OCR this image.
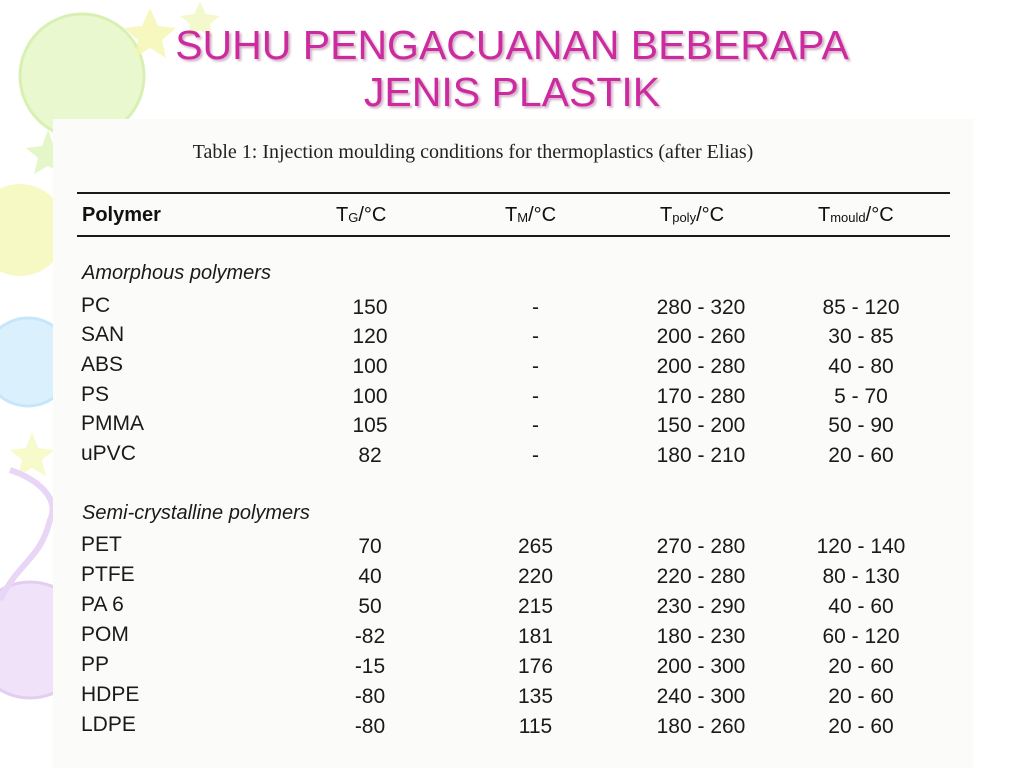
SUHU PENGACUANAN BEBERAPA
JENIS PLASTIK
Table 1: Injection moulding conditions for thermoplastics (after Elias)
Polymer	$T_G/^\circ C$	$T_M/^\circ C$	$T_{poly}/^\circ C$	$T_{mould}/^\circ C$
Amorphous polymers
PC	150	-	280 - 320	85 - 120
SAN	120	-	200 - 260	30 - 85
ABS	100	-	200 - 280	40 - 80
PS	100	-	170 - 280	5 - 70
PMMA	105	-	150 - 200	50 - 90
uPVC	82	-	180 - 210	20 - 60
Semi-crystalline polymers
PET	70	265	270 - 280	120 - 140
PTFE	40	220	220 - 280	80 - 130
PA 6	50	215	230 - 290	40 - 60
POM	-82	181	180 - 230	60 - 120
PP	-15	176	200 - 300	20 - 60
HDPE	-80	135	240 - 300	20 - 60
LDPE	-80	115	180 - 260	20 - 60
